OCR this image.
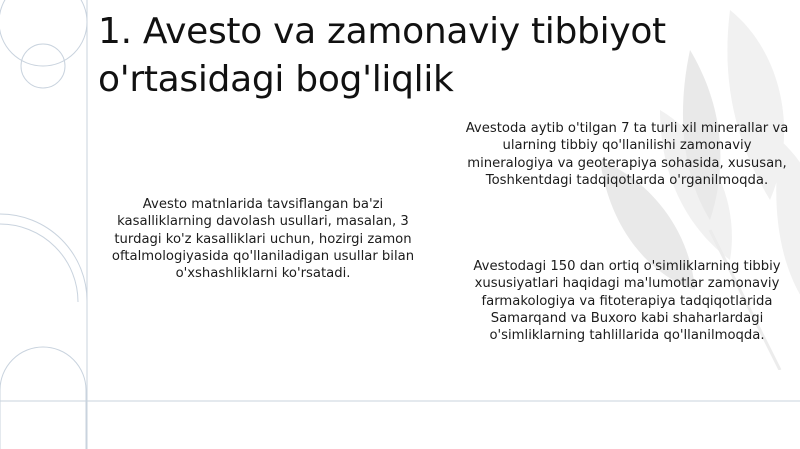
1. Avesto va zamonaviy tibbiyot o'rtasidagi bog'liqlik

Avesto matnlarida tavsiflangan ba'zi kasalliklarning davolash usullari, masalan, 3 turdagi ko'z kasalliklari uchun, hozirgi zamon oftalmologiyasida qo'llaniladigan usullar bilan o'xshashliklarni ko'rsatadi.

Avestoda aytib o'tilgan 7 ta turli xil minerallar va ularning tibbiy qo'llanilishi zamonaviy mineralogiya va geoterapiya sohasida, xususan, Toshkentdagi tadqiqotlarda o'rganilmoqda.

Avestodagi 150 dan ortiq o'simliklarning tibbiy xususiyatlari haqidagi ma'lumotlar zamonaviy farmakologiya va fitoterapiya tadqiqotlarida Samarqand va Buxoro kabi shaharlardagi o'simliklarning tahlillarida qo'llanilmoqda.
